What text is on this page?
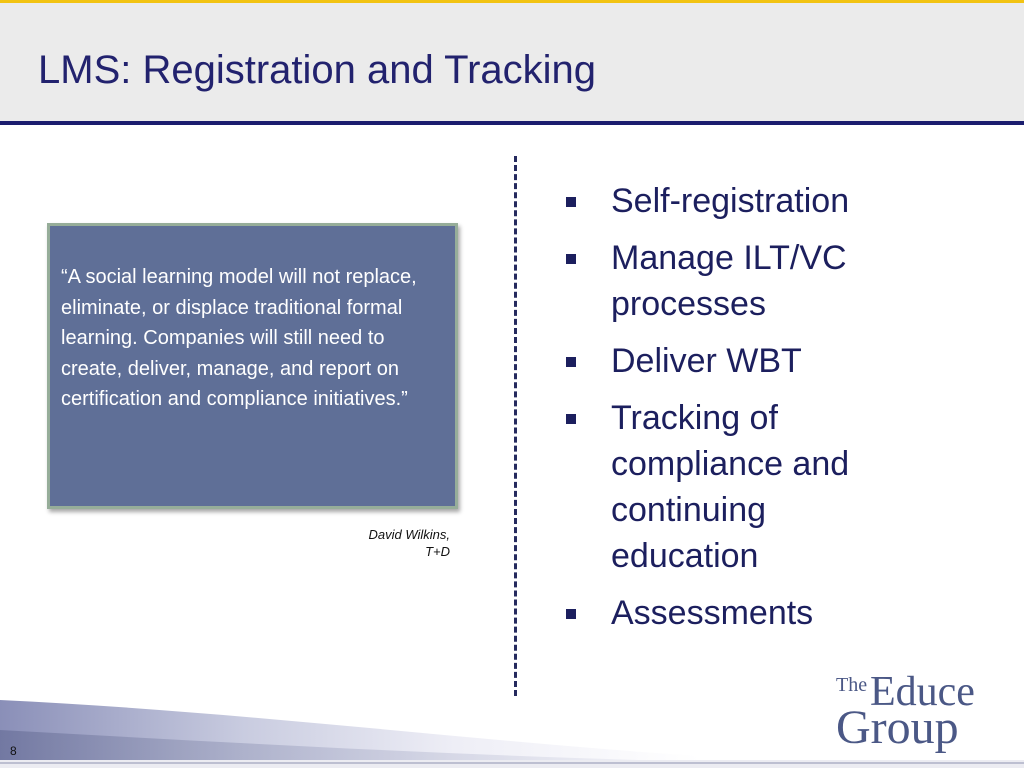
LMS: Registration and Tracking

“A social learning model will not replace, eliminate, or displace traditional formal learning. Companies will still need to create, deliver, manage, and report on certification and compliance initiatives.”

David Wilkins,
T+D
Self-registration
Manage ILT/VC processes
Deliver WBT
Tracking of compliance and continuing education
Assessments
8
The Educe
Group
